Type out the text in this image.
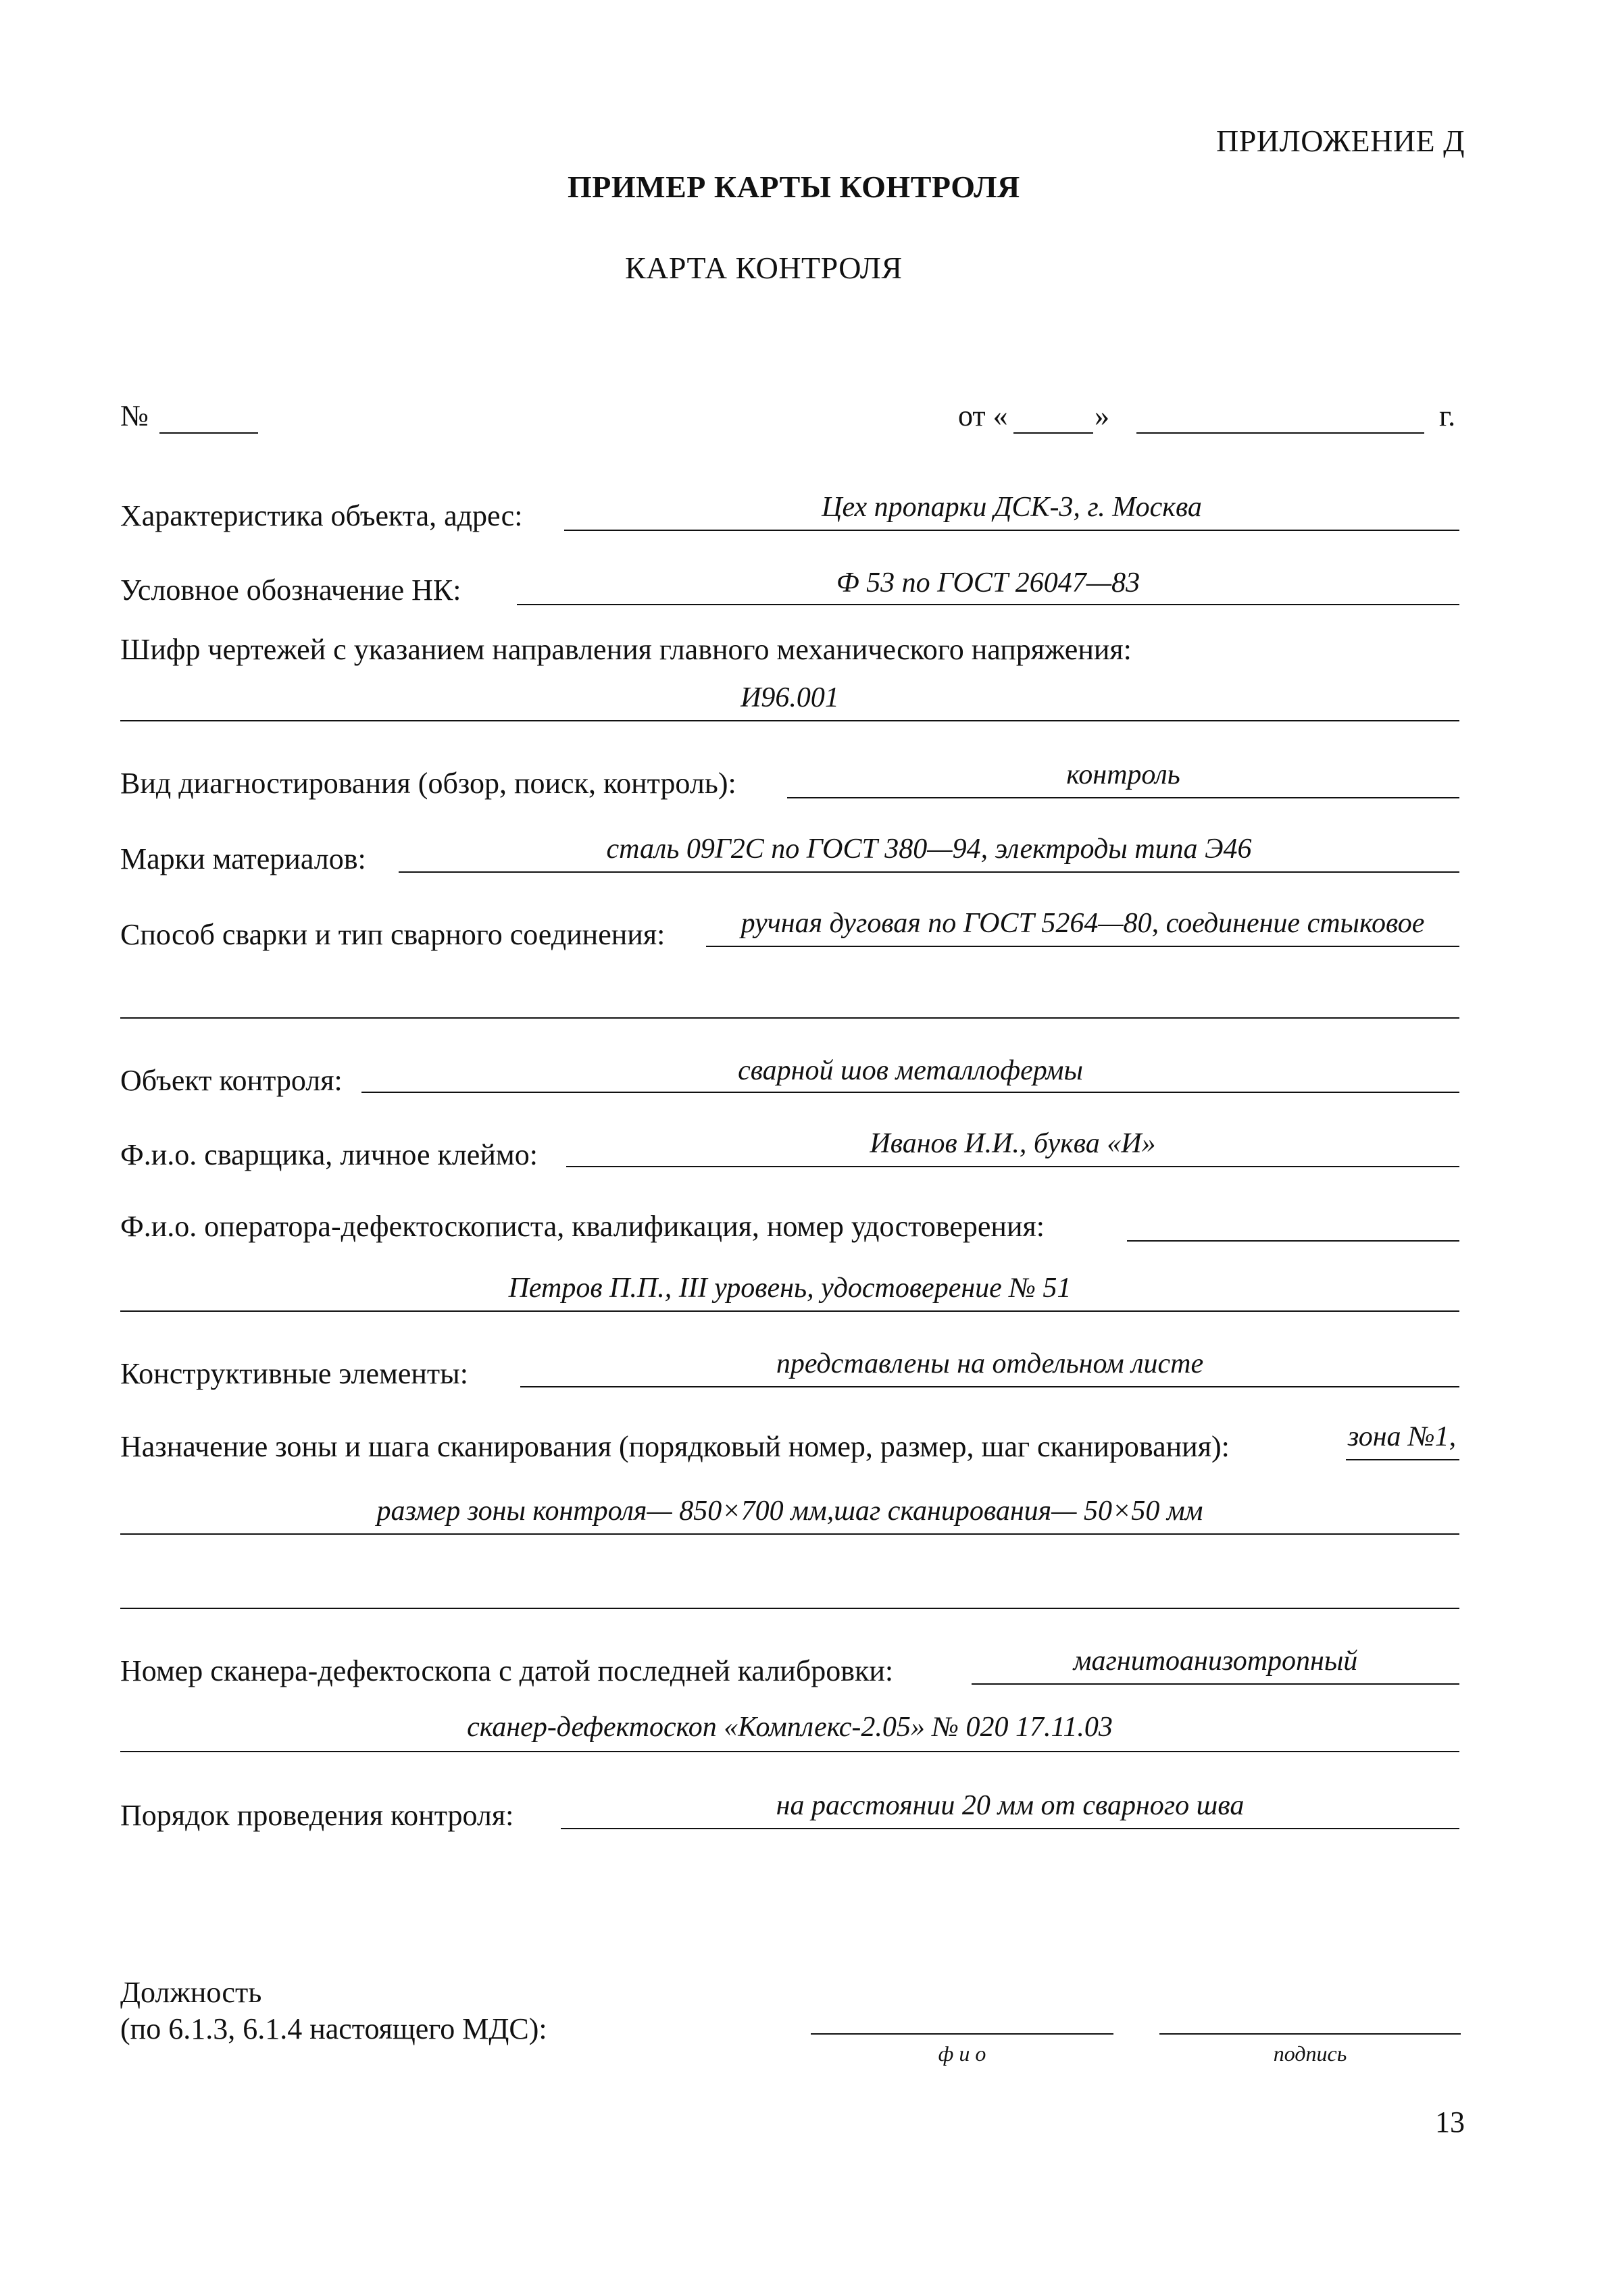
ПРИЛОЖЕНИЕ Д
ПРИМЕР КАРТЫ КОНТРОЛЯ
КАРТА КОНТРОЛЯ
№	от «	»	г.
Характеристика объекта, адрес:	Цех пропарки ДСК-3, г. Москва
Условное обозначение НК:	Ф 53 по ГОСТ 26047—83
Шифр чертежей с указанием направления главного механического напряжения:
И96.001
Вид диагностирования (обзор, поиск, контроль):	контроль
Марки материалов:	сталь 09Г2С по ГОСТ 380—94, электроды типа Э46
Способ сварки и тип сварного соединения:	ручная дуговая по ГОСТ 5264—80, соединение стыковое
Объект контроля:	сварной шов металлофермы
Ф.и.о. сварщика, личное клеймо:	Иванов И.И., буква «И»
Ф.и.о. оператора-дефектоскописта, квалификация, номер удостоверения:
Петров П.П., III уровень, удостоверение № 51
Конструктивные элементы:	представлены на отдельном листе
Назначение зоны и шага сканирования (порядковый номер, размер, шаг сканирования):	зона №1,
размер зоны контроля— 850×700 мм,шаг сканирования— 50×50 мм
Номер сканера-дефектоскопа с датой последней калибровки:	магнитоанизотропный
сканер-дефектоскоп «Комплекс-2.05» № 020 17.11.03
Порядок проведения контроля:	на расстоянии 20 мм от сварного шва
Должность
(по 6.1.3, 6.1.4 настоящего МДС):
ф и о	подпись
13
